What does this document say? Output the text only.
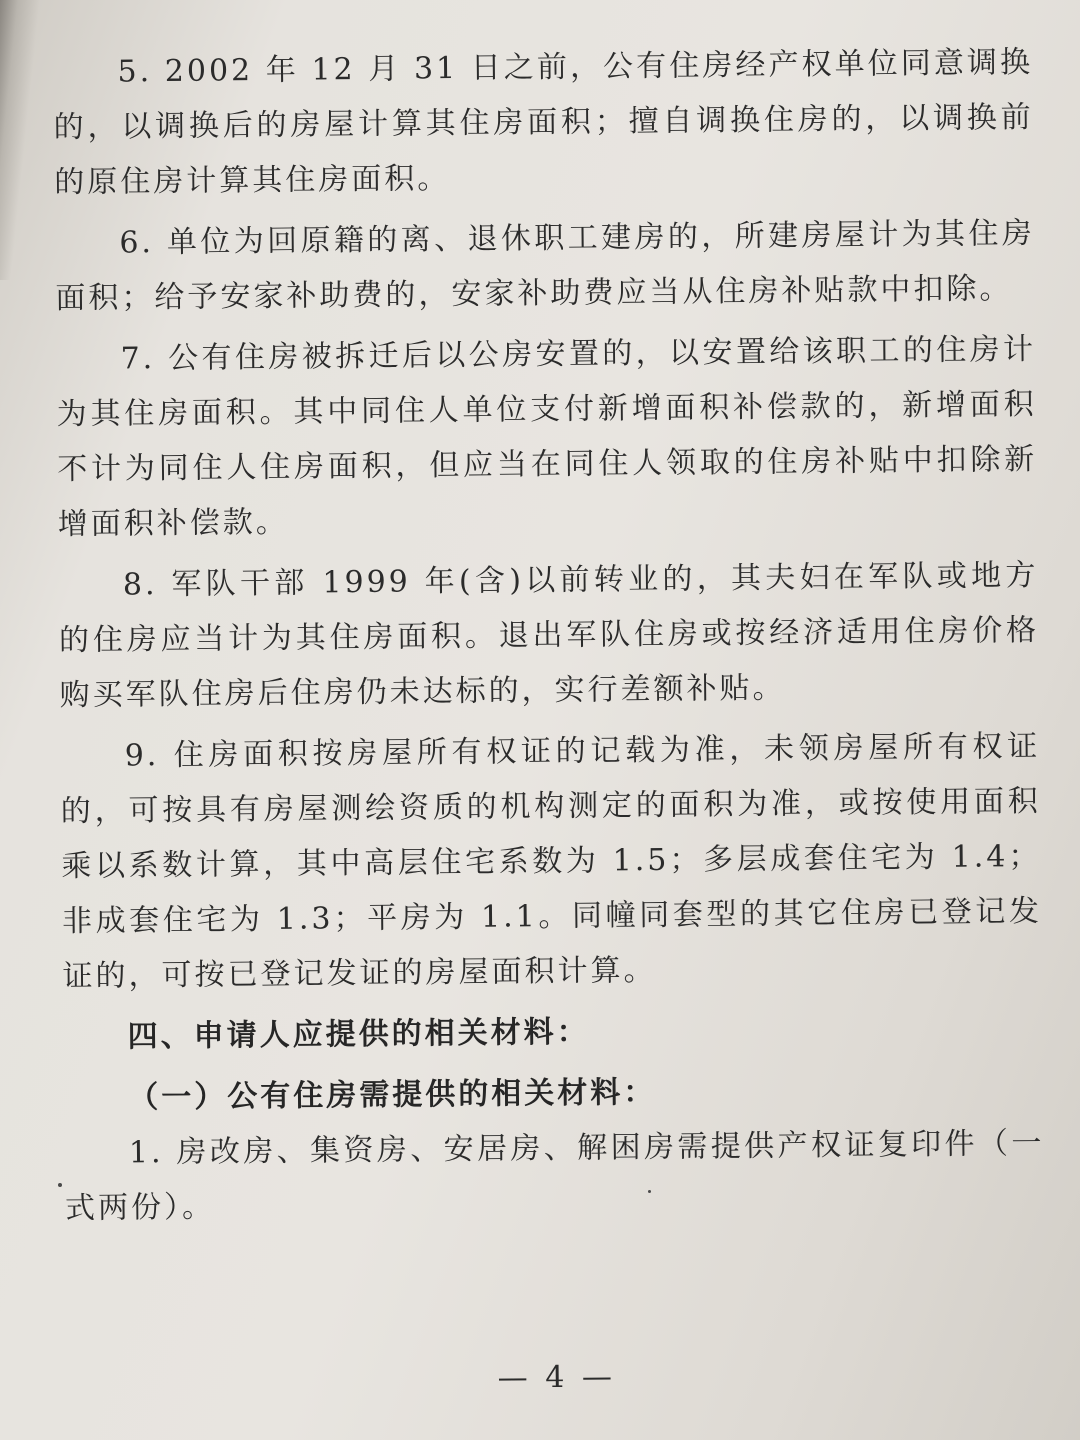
5. 2002 年 12 月 31 日之前，公有住房经产权单位同意调换的，以调换后的房屋计算其住房面积；擅自调换住房的，以调换前的原住房计算其住房面积。

6. 单位为回原籍的离、退休职工建房的，所建房屋计为其住房面积；给予安家补助费的，安家补助费应当从住房补贴款中扣除。

7. 公有住房被拆迁后以公房安置的，以安置给该职工的住房计为其住房面积。其中同住人单位支付新增面积补偿款的，新增面积不计为同住人住房面积，但应当在同住人领取的住房补贴中扣除新增面积补偿款。

8. 军队干部 1999 年(含)以前转业的，其夫妇在军队或地方的住房应当计为其住房面积。退出军队住房或按经济适用住房价格购买军队住房后住房仍未达标的，实行差额补贴。

9. 住房面积按房屋所有权证的记载为准，未领房屋所有权证的，可按具有房屋测绘资质的机构测定的面积为准，或按使用面积乘以系数计算，其中高层住宅系数为 1.5；多层成套住宅为 1.4；非成套住宅为 1.3；平房为 1.1。同幢同套型的其它住房已登记发证的，可按已登记发证的房屋面积计算。

四、申请人应提供的相关材料：
（一）公有住房需提供的相关材料：

1. 房改房、集资房、安居房、解困房需提供产权证复印件（一式两份）。

— 4 —
